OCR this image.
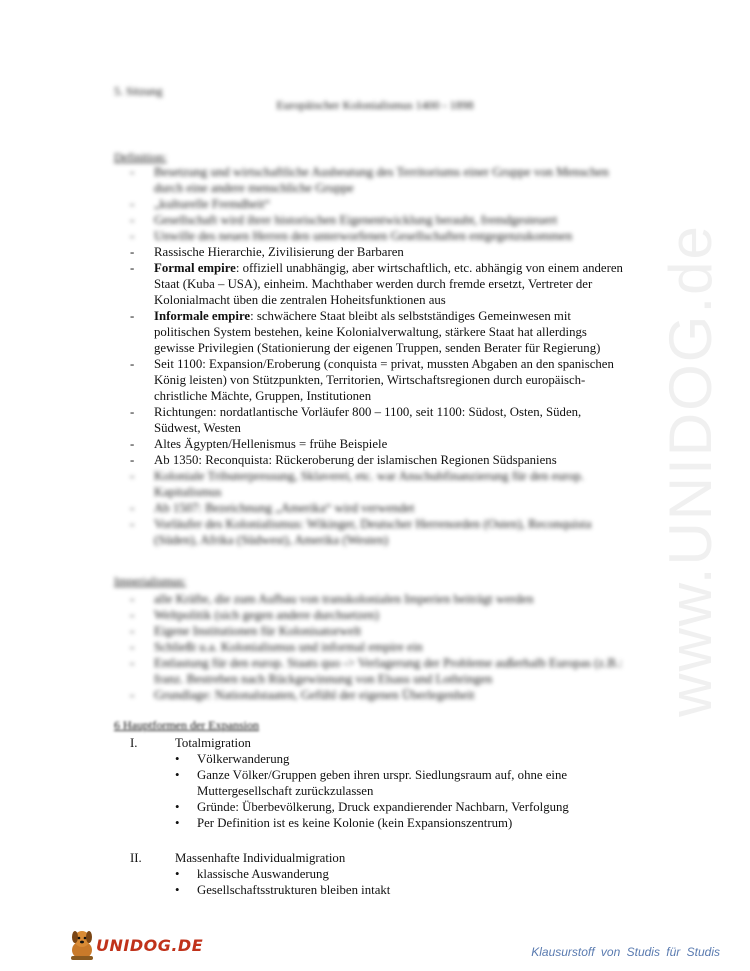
www.UNIDOG.de
5. Sitzung
Europäischer Kolonialismus 1400 - 1898
Definition:
- Besetzung und wirtschaftliche Ausbeutung des Territoriums einer Gruppe von Menschen durch eine andere menschliche Gruppe
- „kulturelle Fremdheit“
- Gesellschaft wird ihrer historischen Eigenentwicklung beraubt, fremdgesteuert
- Unwille des neuen Herren den unterworfenen Gesellschaften entgegenzukommen
- Rassische Hierarchie, Zivilisierung der Barbaren
- Formal empire: offiziell unabhängig, aber wirtschaftlich, etc. abhängig von einem anderen Staat (Kuba – USA), einheim. Machthaber werden durch fremde ersetzt, Vertreter der Kolonialmacht üben die zentralen Hoheitsfunktionen aus
- Informale empire: schwächere Staat bleibt als selbstständiges Gemeinwesen mit politischen System bestehen, keine Kolonialverwaltung, stärkere Staat hat allerdings gewisse Privilegien (Stationierung der eigenen Truppen, senden Berater für Regierung)
- Seit 1100: Expansion/Eroberung (conquista = privat, mussten Abgaben an den spanischen König leisten) von Stützpunkten, Territorien, Wirtschaftsregionen durch europäisch- christliche Mächte, Gruppen, Institutionen
- Richtungen: nordatlantische Vorläufer 800 – 1100, seit 1100: Südost, Osten, Süden, Südwest, Westen
- Altes Ägypten/Hellenismus = frühe Beispiele
- Ab 1350: Reconquista: Rückeroberung der islamischen Regionen Südspaniens
- Koloniale Tributerpressung, Sklaverei, etc. war Anschubfinanzierung für den europ. Kapitalismus
- Ab 1507: Bezeichnung „Amerika“ wird verwendet
- Vorläufer des Kolonialismus: Wikinger, Deutscher Herrenorden (Osten), Reconquista (Süden), Afrika (Südwest), Amerika (Westen)
Imperialismus:
- alle Kräfte, die zum Aufbau von transkolonialen Imperien beiträgt werden
- Weltpolitik (sich gegen andere durchsetzen)
- Eigene Institutionen für Kolonisatorwelt
- Schließt u.a. Kolonialismus und informal empire ein
- Entlastung für den europ. Staats quo -> Verlagerung der Probleme außerhalb Europas (z.B.: franz. Bestreben nach Rückgewinnung von Elsass und Lothringen
- Grundlage: Nationalstaaten, Gefühl der eigenen Überlegenheit
6 Hauptformen der Expansion
I.	Totalmigration
• Völkerwanderung
• Ganze Völker/Gruppen geben ihren urspr. Siedlungsraum auf, ohne eine Muttergesellschaft zurückzulassen
• Gründe: Überbevölkerung, Druck expandierender Nachbarn, Verfolgung
• Per Definition ist es keine Kolonie (kein Expansionszentrum)
II.	Massenhafte Individualmigration
• klassische Auswanderung
• Gesellschaftsstrukturen bleiben intakt
UNIDOG.DE	Klausurstoff von Studis für Studis
